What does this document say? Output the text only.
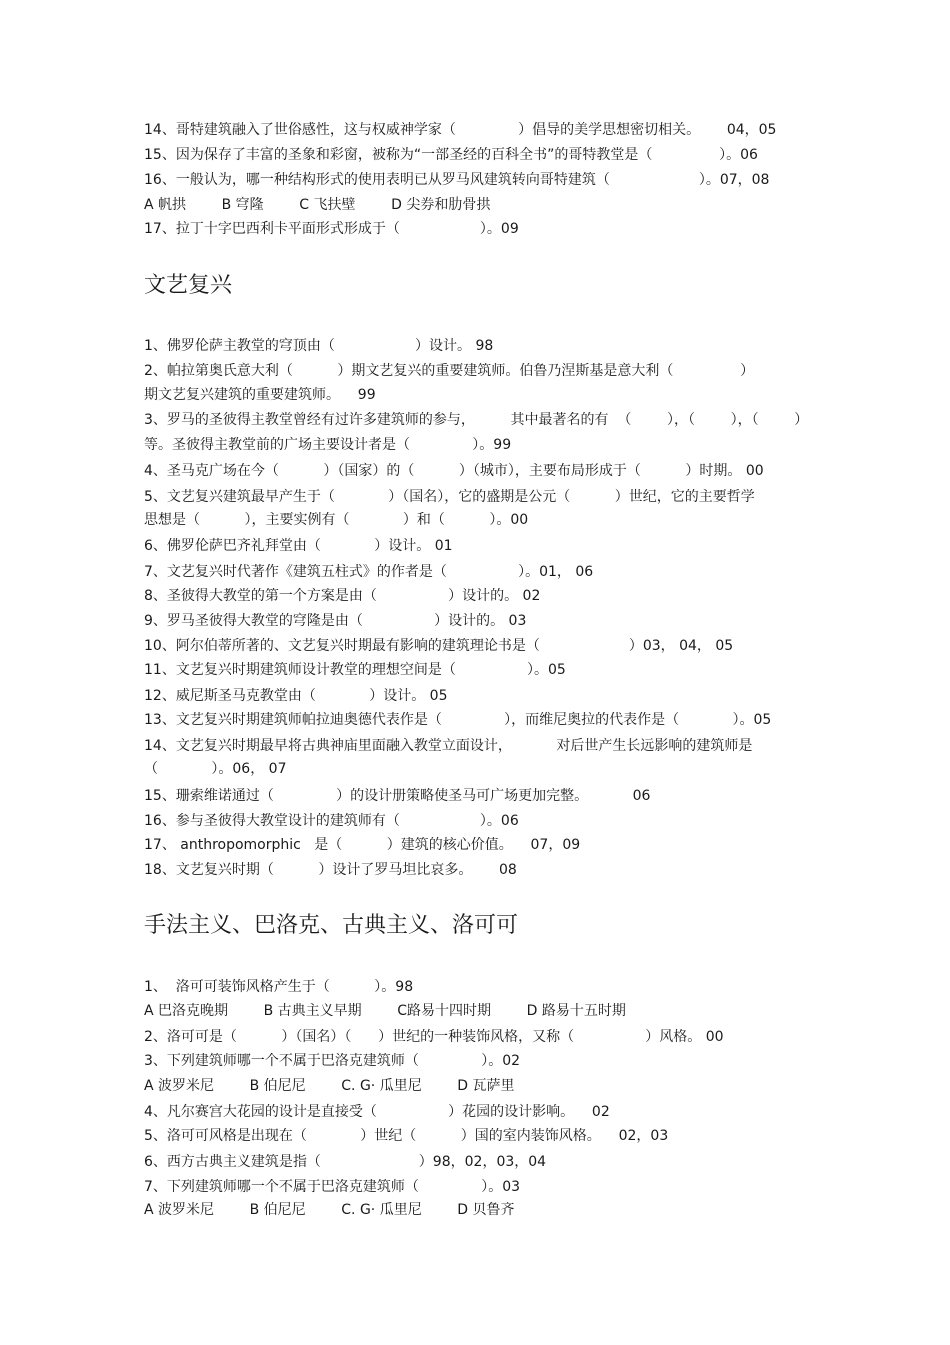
14、哥特建筑融入了世俗感性，这与权威神学家（              ）倡导的美学思想密切相关。      04，05
15、因为保存了丰富的圣象和彩窗，被称为“一部圣经的百科全书”的哥特教堂是（               ）。06
16、一般认为，哪一种结构形式的使用表明已从罗马风建筑转向哥特建筑（                    ）。07，08
A 帆拱        B 穹隆        C 飞扶壁        D 尖券和肋骨拱
17、拉丁十字巴西利卡平面形式形成于（                  ）。09
文艺复兴
1、佛罗伦萨主教堂的穹顶由（                  ）设计。 98
2、帕拉第奥氏意大利（          ）期文艺复兴的重要建筑师。伯鲁乃涅斯基是意大利（               ）
期文艺复兴建筑的重要建筑师。    99
3、罗马的圣彼得主教堂曾经有过许多建筑师的参与，        其中最著名的有  （        ），（        ），（        ）
等。圣彼得主教堂前的广场主要设计者是（              ）。99
4、圣马克广场在今（          ）（国家）的（          ）（城市），主要布局形成于（          ）时期。 00
5、文艺复兴建筑最早产生于（            ）（国名），它的盛期是公元（          ）世纪，它的主要哲学
思想是（          ），主要实例有（            ）和（          ）。00
6、佛罗伦萨巴齐礼拜堂由（            ）设计。 01
7、文艺复兴时代著作《建筑五柱式》的作者是（                ）。01， 06
8、圣彼得大教堂的第一个方案是由（                ）设计的。 02
9、罗马圣彼得大教堂的穹隆是由（                ）设计的。 03
10、阿尔伯蒂所著的、文艺复兴时期最有影响的建筑理论书是（                    ）03， 04， 05
11、文艺复兴时期建筑师设计教堂的理想空间是（                ）。05
12、威尼斯圣马克教堂由（            ）设计。 05
13、文艺复兴时期建筑师帕拉迪奥德代表作是（              ），而维尼奥拉的代表作是（            ）。05
14、文艺复兴时期最早将古典神庙里面融入教堂立面设计，          对后世产生长远影响的建筑师是
（            ）。06， 07
15、珊索维诺通过（              ）的设计册策略使圣马可广场更加完整。          06
16、参与圣彼得大教堂设计的建筑师有（                  ）。06
17、 anthropomorphic   是（          ）建筑的核心价值。    07，09
18、文艺复兴时期（          ）设计了罗马坦比哀多。      08
手法主义、巴洛克、古典主义、洛可可
1、  洛可可装饰风格产生于（          ）。98
A 巴洛克晚期        B 古典主义早期        C路易十四时期        D 路易十五时期
2、洛可可是（          ）（国名）（      ）世纪的一种装饰风格，又称（                ）风格。 00
3、下列建筑师哪一个不属于巴洛克建筑师（              ）。02
A 波罗米尼        B 伯尼尼        C. G· 瓜里尼        D 瓦萨里
4、凡尔赛宫大花园的设计是直接受（                ）花园的设计影响。    02
5、洛可可风格是出现在（            ）世纪（          ）国的室内装饰风格。    02，03
6、西方古典主义建筑是指（                      ）98，02，03，04
7、下列建筑师哪一个不属于巴洛克建筑师（              ）。03
A 波罗米尼        B 伯尼尼        C. G· 瓜里尼        D 贝鲁齐
